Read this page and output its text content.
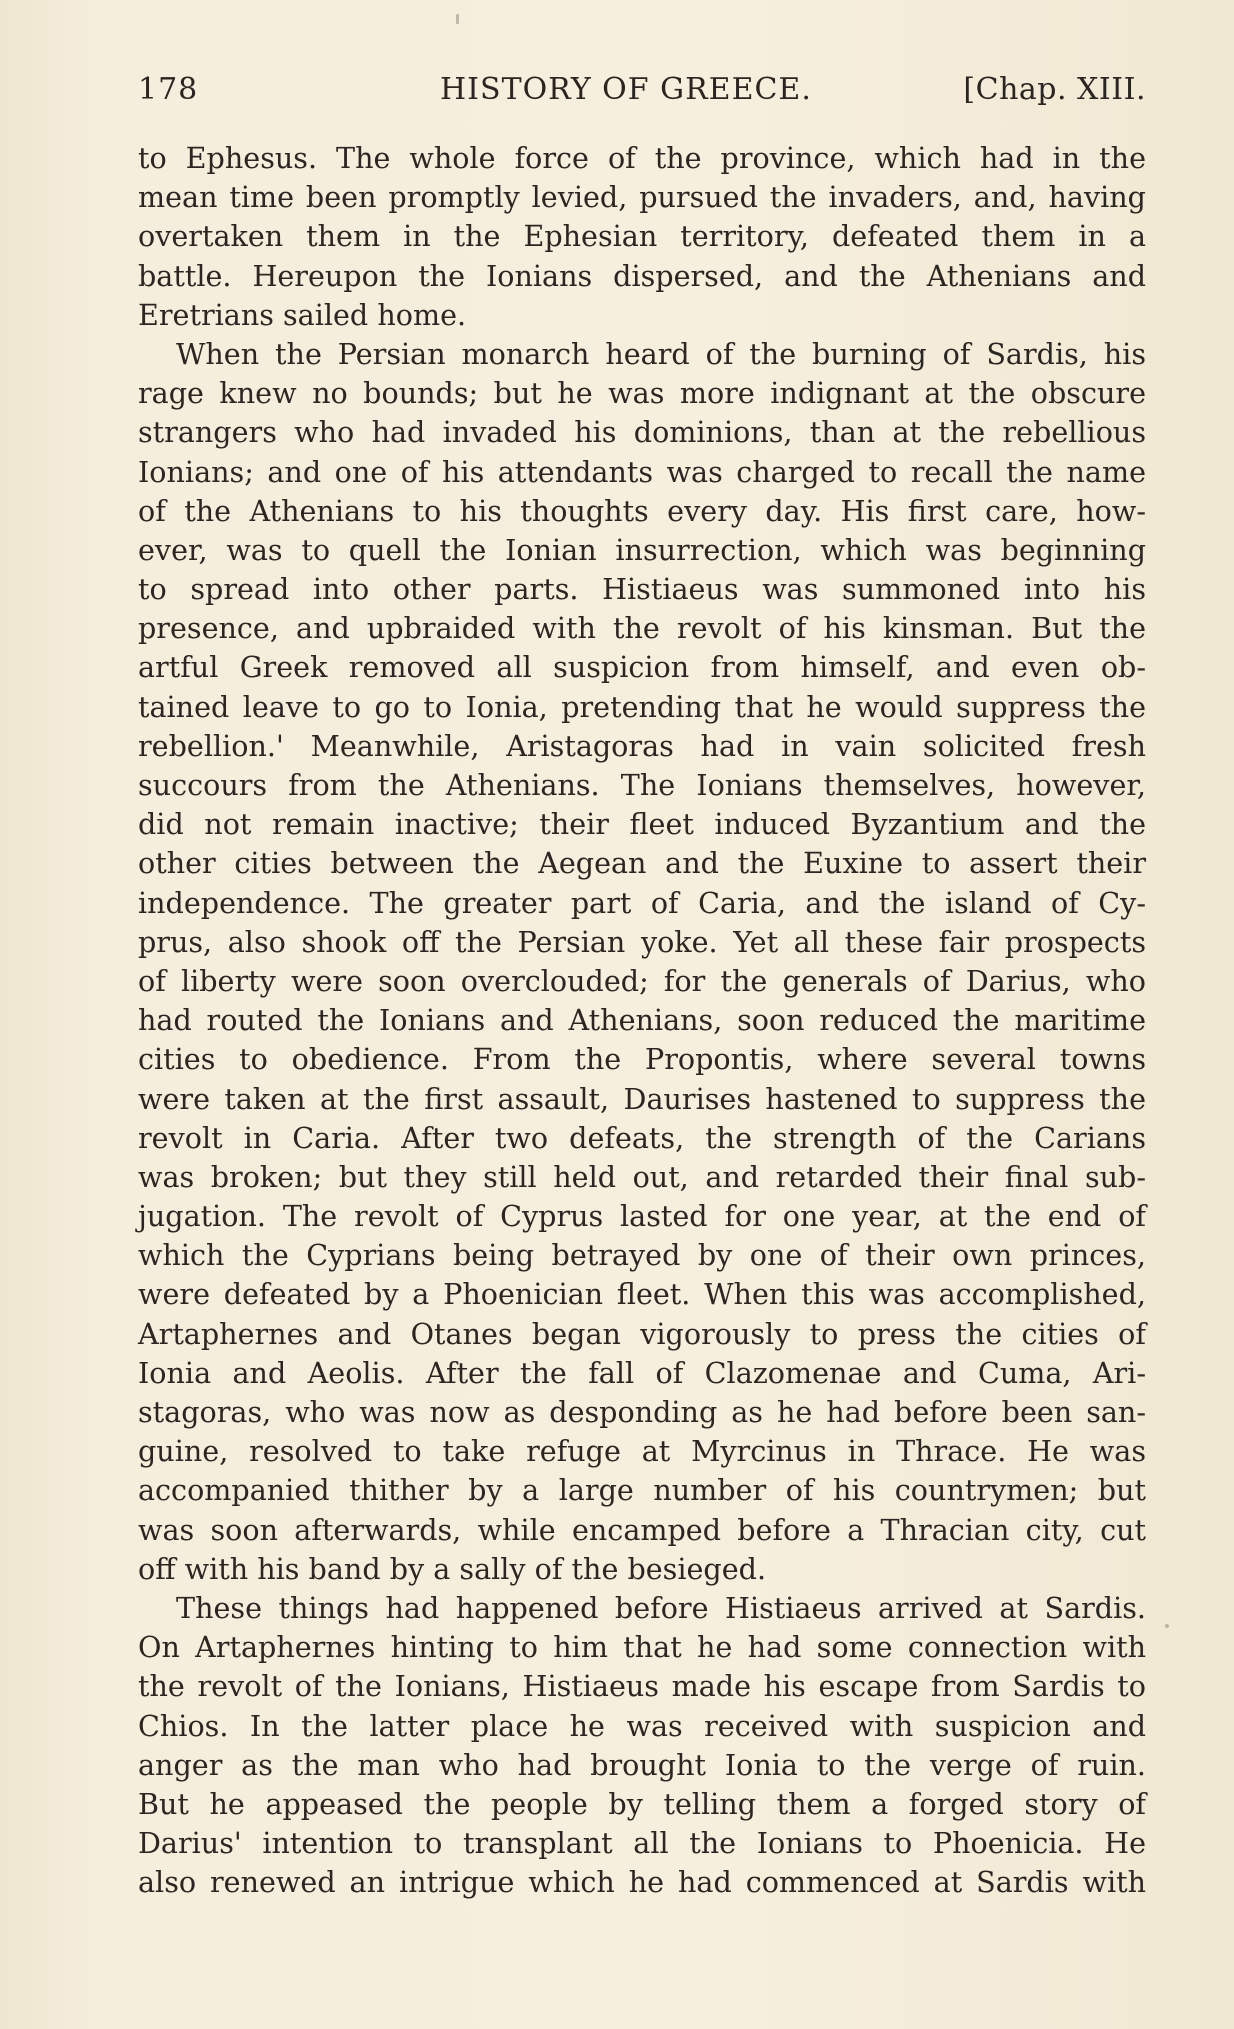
178	HISTORY OF GREECE.	[Chap. XIII.
to Ephesus. The whole force of the province, which had in the
mean time been promptly levied, pursued the invaders, and, having
overtaken them in the Ephesian territory, defeated them in a
battle. Hereupon the Ionians dispersed, and the Athenians and
Eretrians sailed home.
When the Persian monarch heard of the burning of Sardis, his
rage knew no bounds; but he was more indignant at the obscure
strangers who had invaded his dominions, than at the rebellious
Ionians; and one of his attendants was charged to recall the name
of the Athenians to his thoughts every day. His first care, how-
ever, was to quell the Ionian insurrection, which was beginning
to spread into other parts. Histiaeus was summoned into his
presence, and upbraided with the revolt of his kinsman. But the
artful Greek removed all suspicion from himself, and even ob-
tained leave to go to Ionia, pretending that he would suppress the
rebellion.' Meanwhile, Aristagoras had in vain solicited fresh
succours from the Athenians. The Ionians themselves, however,
did not remain inactive; their fleet induced Byzantium and the
other cities between the Aegean and the Euxine to assert their
independence. The greater part of Caria, and the island of Cy-
prus, also shook off the Persian yoke. Yet all these fair prospects
of liberty were soon overclouded; for the generals of Darius, who
had routed the Ionians and Athenians, soon reduced the maritime
cities to obedience. From the Propontis, where several towns
were taken at the first assault, Daurises hastened to suppress the
revolt in Caria. After two defeats, the strength of the Carians
was broken; but they still held out, and retarded their final sub-
jugation. The revolt of Cyprus lasted for one year, at the end of
which the Cyprians being betrayed by one of their own princes,
were defeated by a Phoenician fleet. When this was accomplished,
Artaphernes and Otanes began vigorously to press the cities of
Ionia and Aeolis. After the fall of Clazomenae and Cuma, Ari-
stagoras, who was now as desponding as he had before been san-
guine, resolved to take refuge at Myrcinus in Thrace. He was
accompanied thither by a large number of his countrymen; but
was soon afterwards, while encamped before a Thracian city, cut
off with his band by a sally of the besieged.
These things had happened before Histiaeus arrived at Sardis.
On Artaphernes hinting to him that he had some connection with
the revolt of the Ionians, Histiaeus made his escape from Sardis to
Chios. In the latter place he was received with suspicion and
anger as the man who had brought Ionia to the verge of ruin.
But he appeased the people by telling them a forged story of
Darius' intention to transplant all the Ionians to Phoenicia. He
also renewed an intrigue which he had commenced at Sardis with
